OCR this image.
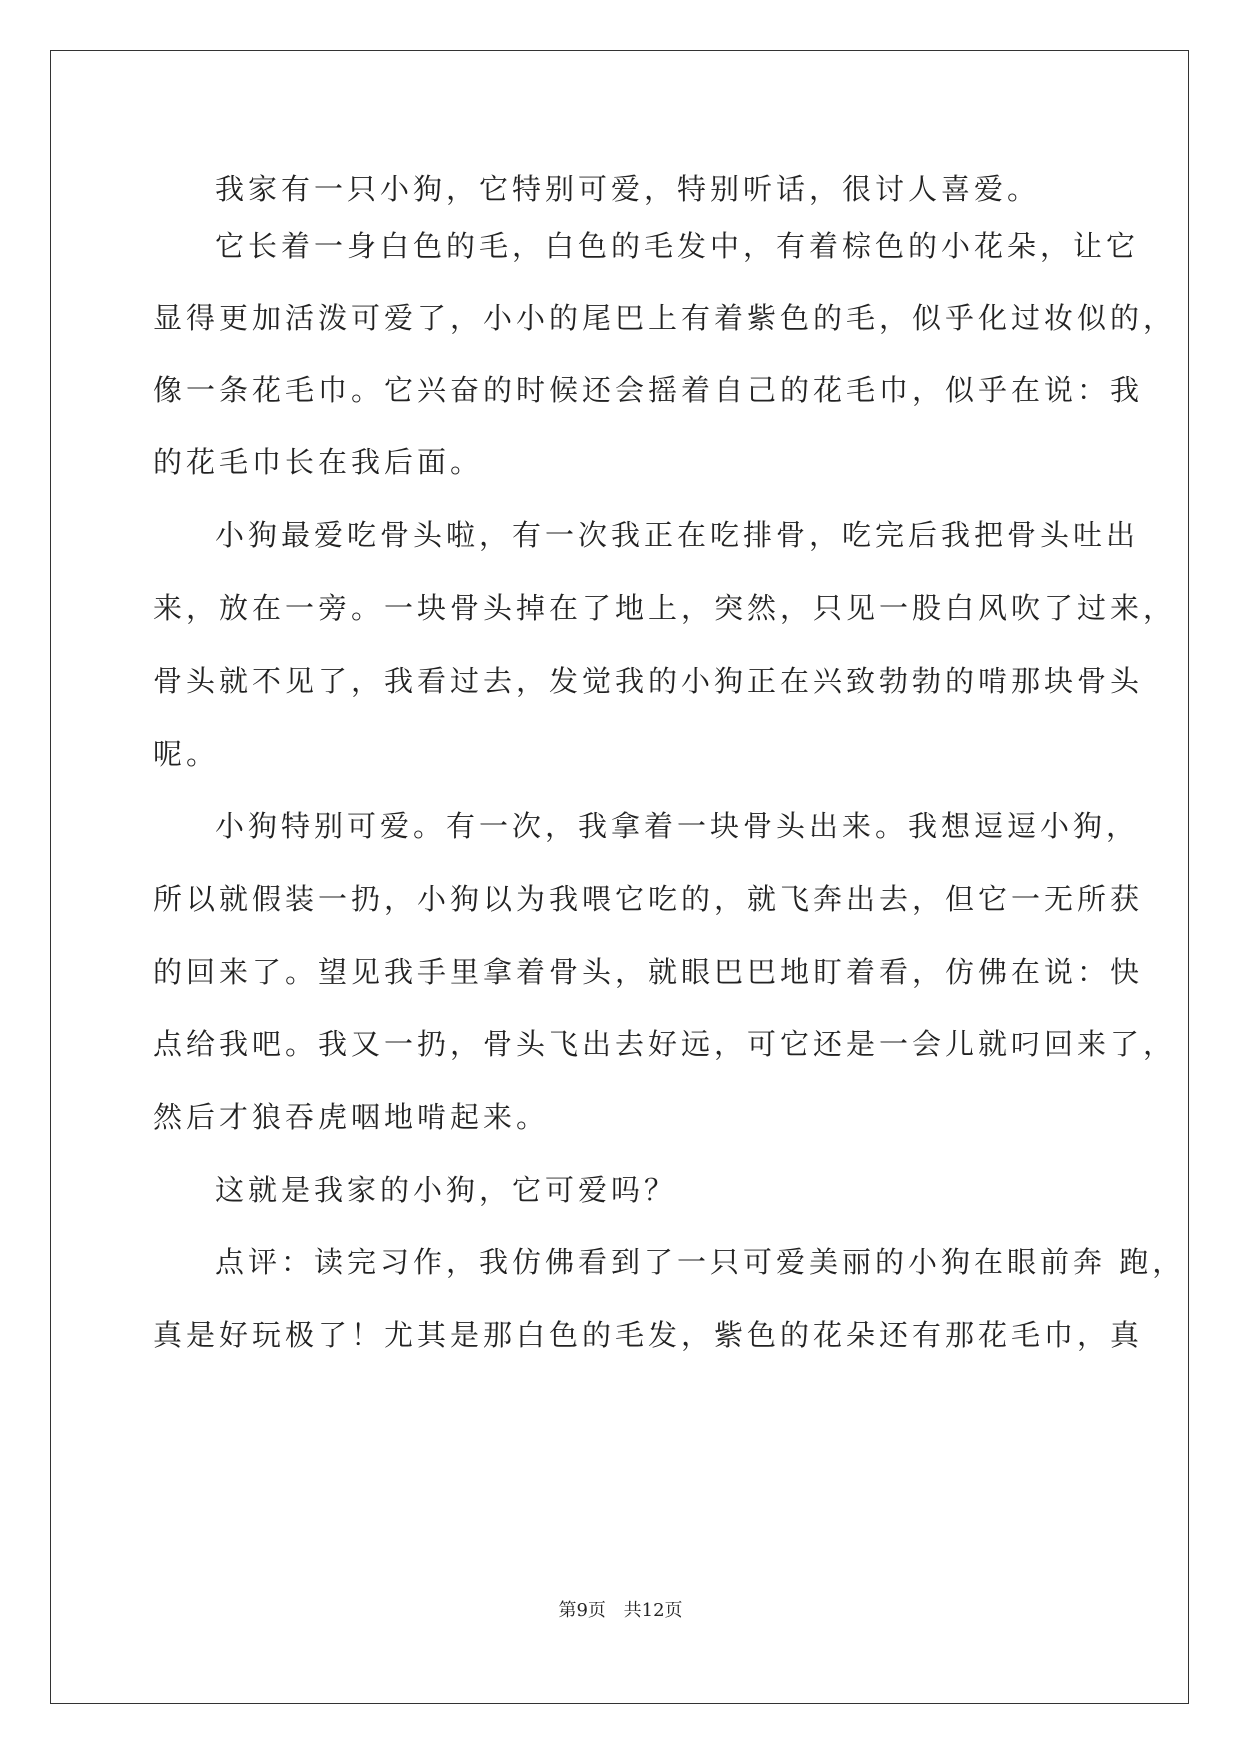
我家有一只小狗，它特别可爱，特别听话，很讨人喜爱。
它长着一身白色的毛，白色的毛发中，有着棕色的小花朵，让它
显得更加活泼可爱了，小小的尾巴上有着紫色的毛，似乎化过妆似的，
像一条花毛巾。它兴奋的时候还会摇着自己的花毛巾，似乎在说：我
的花毛巾长在我后面。
小狗最爱吃骨头啦，有一次我正在吃排骨，吃完后我把骨头吐出
来，放在一旁。一块骨头掉在了地上，突然，只见一股白风吹了过来，
骨头就不见了，我看过去，发觉我的小狗正在兴致勃勃的啃那块骨头
呢。
小狗特别可爱。有一次，我拿着一块骨头出来。我想逗逗小狗，
所以就假装一扔，小狗以为我喂它吃的，就飞奔出去，但它一无所获
的回来了。望见我手里拿着骨头，就眼巴巴地盯着看，仿佛在说：快
点给我吧。我又一扔，骨头飞出去好远，可它还是一会儿就叼回来了，
然后才狼吞虎咽地啃起来。
这就是我家的小狗，它可爱吗？
点评：读完习作，我仿佛看到了一只可爱美丽的小狗在眼前奔 跑，
真是好玩极了！尤其是那白色的毛发，紫色的花朵还有那花毛巾，真
第9页 共12页
